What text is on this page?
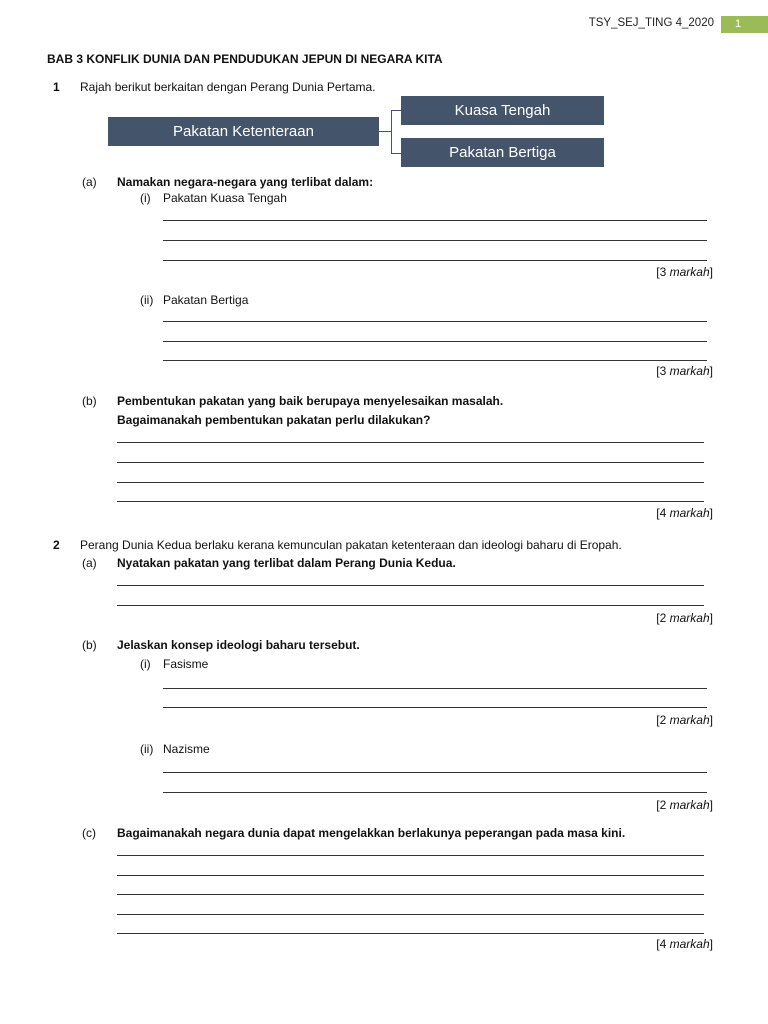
TSY_SEJ_TING 4_2020	1
BAB 3 KONFLIK DUNIA DAN PENDUDUKAN JEPUN DI NEGARA KITA
1 Rajah berikut berkaitan dengan Perang Dunia Pertama.
Pakatan Ketenteraan
Kuasa Tengah
Pakatan Bertiga
(a) Namakan negara-negara yang terlibat dalam:
(i) Pakatan Kuasa Tengah
[3 markah]
(ii) Pakatan Bertiga
[3 markah]
(b) Pembentukan pakatan yang baik berupaya menyelesaikan masalah.
Bagaimanakah pembentukan pakatan perlu dilakukan?
[4 markah]
2 Perang Dunia Kedua berlaku kerana kemunculan pakatan ketenteraan dan ideologi baharu di Eropah.
(a) Nyatakan pakatan yang terlibat dalam Perang Dunia Kedua.
[2 markah]
(b) Jelaskan konsep ideologi baharu tersebut.
(i) Fasisme
[2 markah]
(ii) Nazisme
[2 markah]
(c) Bagaimanakah negara dunia dapat mengelakkan berlakunya peperangan pada masa kini.
[4 markah]
